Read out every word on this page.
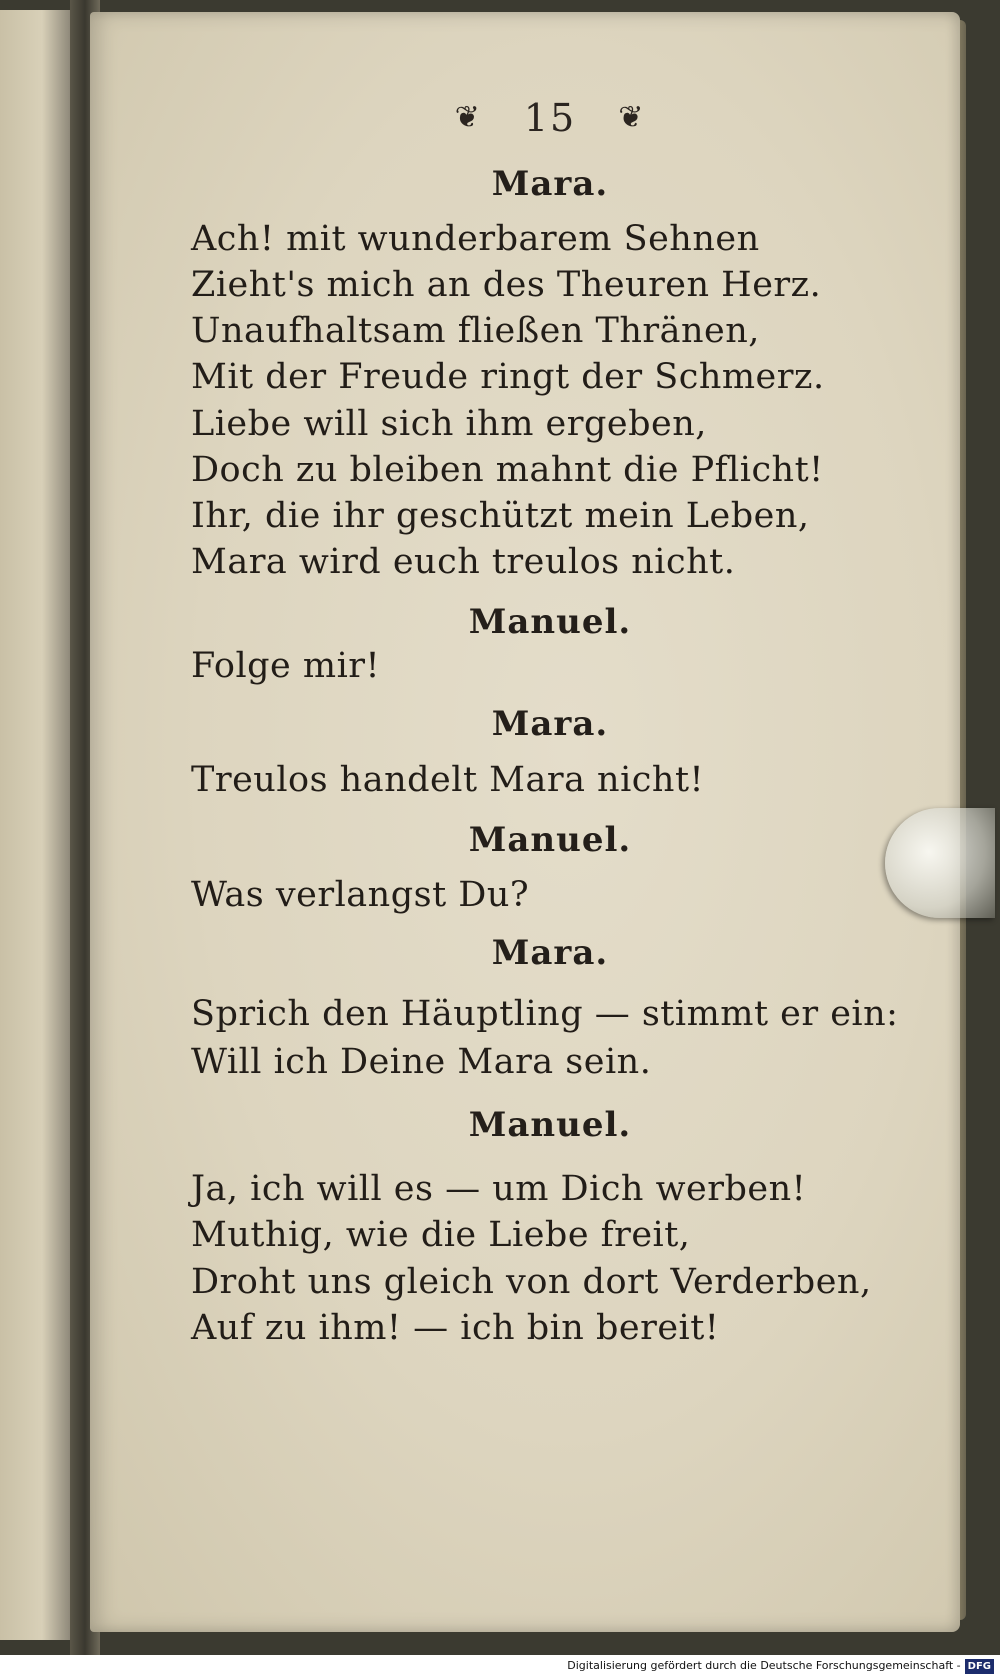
❦ 15 ❦
Mara.
Ach! mit wunderbarem Sehnen
Zieht's mich an des Theuren Herz.
Unaufhaltsam fließen Thränen,
Mit der Freude ringt der Schmerz.
Liebe will sich ihm ergeben,
Doch zu bleiben mahnt die Pflicht!
Ihr, die ihr geschützt mein Leben,
Mara wird euch treulos nicht.
Manuel.
Folge mir!
Mara.
Treulos handelt Mara nicht!
Manuel.
Was verlangst Du?
Mara.
Sprich den Häuptling — stimmt er ein:
Will ich Deine Mara sein.
Manuel.
Ja, ich will es — um Dich werben!
Muthig, wie die Liebe freit,
Droht uns gleich von dort Verderben,
Auf zu ihm! — ich bin bereit!
Digitalisierung gefördert durch die Deutsche Forschungsgemeinschaft - DFG
